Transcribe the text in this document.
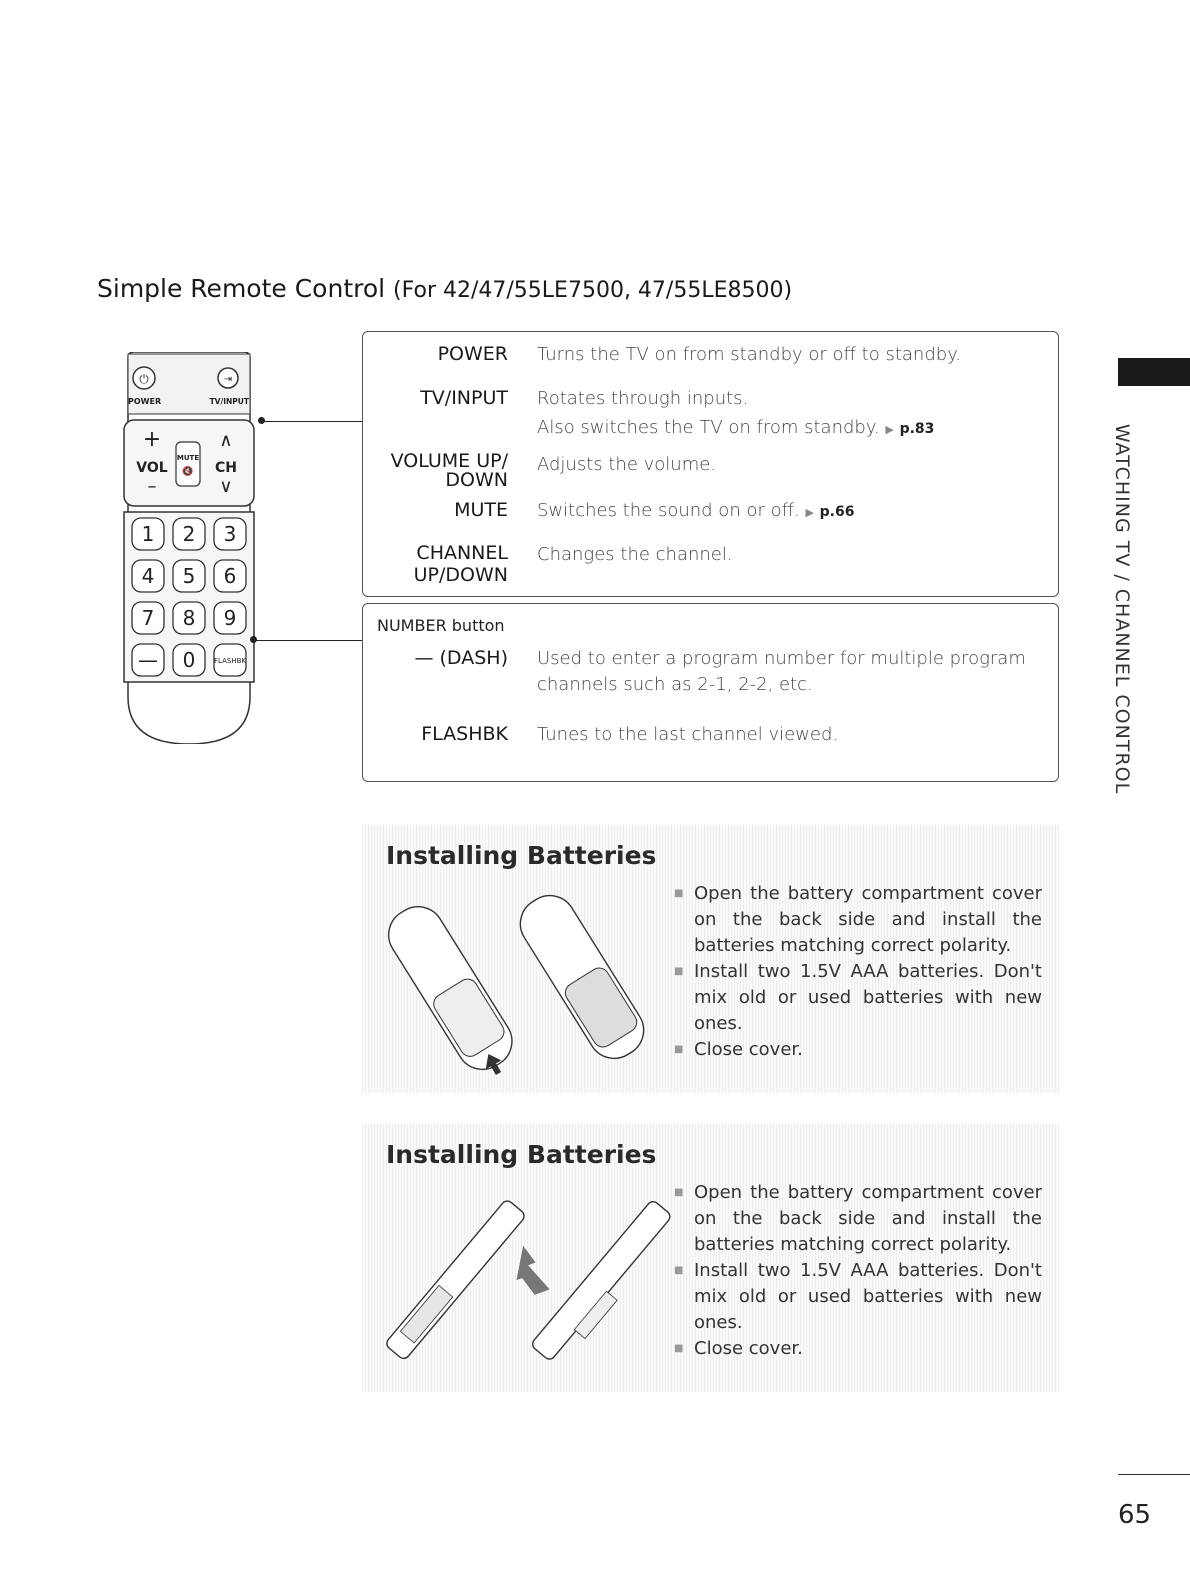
Simple Remote Control (For 42/47/55LE7500, 47/55LE8500)
WATCHING TV / CHANNEL CONTROL
⏻
POWER
⇥
TV/INPUT
+
VOL
–
MUTE
🔇
∧
CH
∨
1 2 3
4 5 6
7 8 9
— 0	FLASHBK
POWER Turns the TV on from standby or off to standby.
TV/INPUT Rotates through inputs.
Also switches the TV on from standby. ▶ p.83
VOLUME UP/
DOWN
Adjusts the volume.
MUTE Switches the sound on or off. ▶ p.66
CHANNEL
UP/DOWN
Changes the channel.
NUMBER button
— (DASH) Used to enter a program number for multiple program channels such as 2-1, 2-2, etc.
FLASHBK Tunes to the last channel viewed.
Installing Batteries
■ Open the battery compartment cover on the back side and install the batteries matching correct polarity.
■ Install two 1.5V AAA batteries. Don't mix old or used batteries with new ones.
■ Close cover.
Installing Batteries
■ Open the battery compartment cover on the back side and install the batteries matching correct polarity.
■ Install two 1.5V AAA batteries. Don't mix old or used batteries with new ones.
■ Close cover.
65
